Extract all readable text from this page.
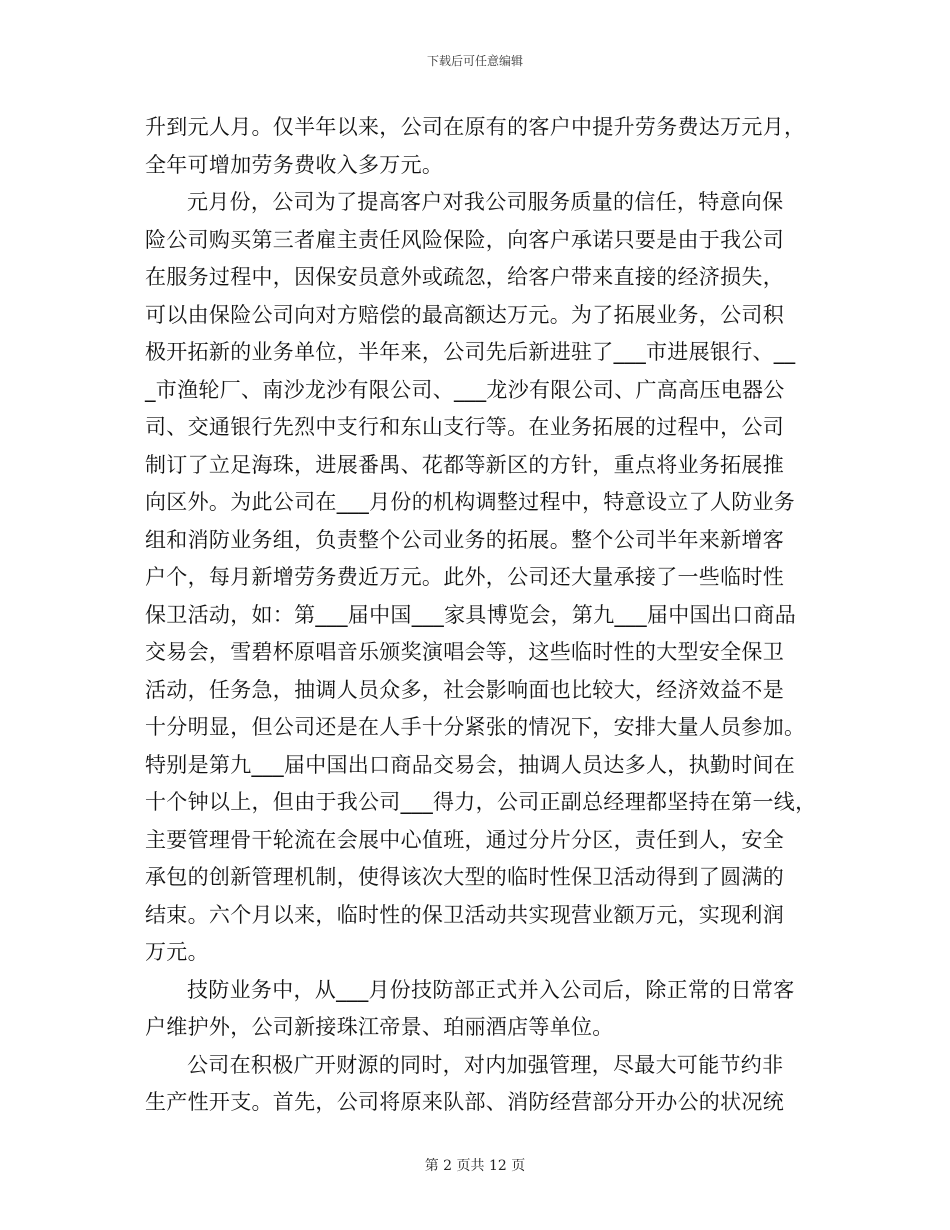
下载后可任意编辑
升到元人月。仅半年以来，公司在原有的客户中提升劳务费达万元月，
全年可增加劳务费收入多万元。
元月份，公司为了提高客户对我公司服务质量的信任，特意向保
险公司购买第三者雇主责任风险保险，向客户承诺只要是由于我公司
在服务过程中，因保安员意外或疏忽，给客户带来直接的经济损失，
可以由保险公司向对方赔偿的最高额达万元。为了拓展业务，公司积
极开拓新的业务单位，半年来，公司先后新进驻了___市进展银行、__
_市渔轮厂、南沙龙沙有限公司、___龙沙有限公司、广高高压电器公
司、交通银行先烈中支行和东山支行等。在业务拓展的过程中，公司
制订了立足海珠，进展番禺、花都等新区的方针，重点将业务拓展推
向区外。为此公司在___月份的机构调整过程中，特意设立了人防业务
组和消防业务组，负责整个公司业务的拓展。整个公司半年来新增客
户个，每月新增劳务费近万元。此外，公司还大量承接了一些临时性
保卫活动，如：第___届中国___家具博览会，第九___届中国出口商品
交易会，雪碧杯原唱音乐颁奖演唱会等，这些临时性的大型安全保卫
活动，任务急，抽调人员众多，社会影响面也比较大，经济效益不是
十分明显，但公司还是在人手十分紧张的情况下，安排大量人员参加。
特别是第九___届中国出口商品交易会，抽调人员达多人，执勤时间在
十个钟以上，但由于我公司___得力，公司正副总经理都坚持在第一线，
主要管理骨干轮流在会展中心值班，通过分片分区，责任到人，安全
承包的创新管理机制，使得该次大型的临时性保卫活动得到了圆满的
结束。六个月以来，临时性的保卫活动共实现营业额万元，实现利润
万元。
技防业务中，从___月份技防部正式并入公司后，除正常的日常客
户维护外，公司新接珠江帝景、珀丽酒店等单位。
公司在积极广开财源的同时，对内加强管理，尽最大可能节约非
生产性开支。首先，公司将原来队部、消防经营部分开办公的状况统
第 2 页共 12 页
